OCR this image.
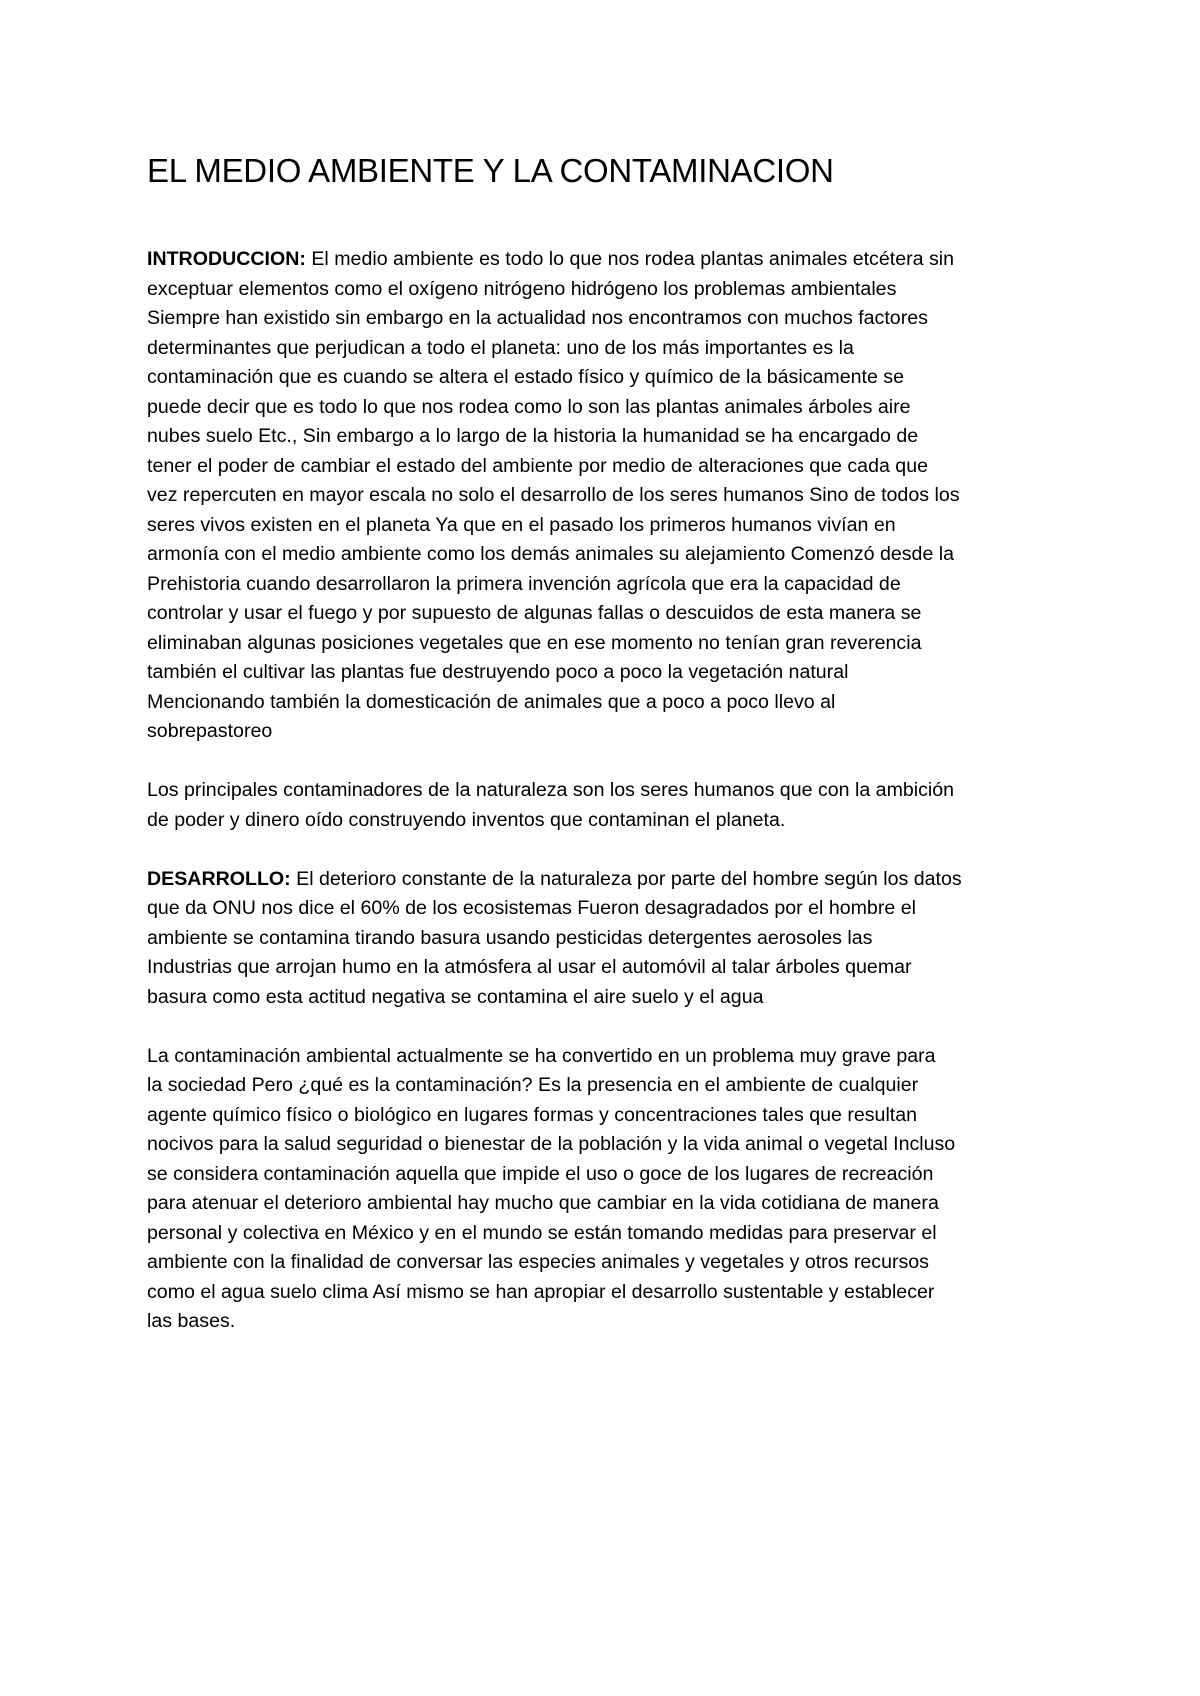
EL MEDIO AMBIENTE Y LA CONTAMINACION
INTRODUCCION: El medio ambiente es todo lo que nos rodea plantas animales etcétera sin
exceptuar elementos como el oxígeno nitrógeno hidrógeno los problemas ambientales
Siempre han existido sin embargo en la actualidad nos encontramos con muchos factores
determinantes que perjudican a todo el planeta: uno de los más importantes es la
contaminación que es cuando se altera el estado físico y químico de la básicamente se
puede decir que es todo lo que nos rodea como lo son las plantas animales árboles aire
nubes suelo Etc., Sin embargo a lo largo de la historia la humanidad se ha encargado de
tener el poder de cambiar el estado del ambiente por medio de alteraciones que cada que
vez repercuten en mayor escala no solo el desarrollo de los seres humanos Sino de todos los
seres vivos existen en el planeta Ya que en el pasado los primeros humanos vivían en
armonía con el medio ambiente como los demás animales su alejamiento Comenzó desde la
Prehistoria cuando desarrollaron la primera invención agrícola que era la capacidad de
controlar y usar el fuego y por supuesto de algunas fallas o descuidos de esta manera se
eliminaban algunas posiciones vegetales que en ese momento no tenían gran reverencia
también el cultivar las plantas fue destruyendo poco a poco la vegetación natural
Mencionando también la domesticación de animales que a poco a poco llevo al
sobrepastoreo
Los principales contaminadores de la naturaleza son los seres humanos que con la ambición
de poder y dinero oído construyendo inventos que contaminan el planeta.
DESARROLLO: El deterioro constante de la naturaleza por parte del hombre según los datos
que da ONU nos dice el 60% de los ecosistemas Fueron desagradados por el hombre el
ambiente se contamina tirando basura usando pesticidas detergentes aerosoles las
Industrias que arrojan humo en la atmósfera al usar el automóvil al talar árboles quemar
basura como esta actitud negativa se contamina el aire suelo y el agua
La contaminación ambiental actualmente se ha convertido en un problema muy grave para
la sociedad Pero ¿qué es la contaminación? Es la presencia en el ambiente de cualquier
agente químico físico o biológico en lugares formas y concentraciones tales que resultan
nocivos para la salud seguridad o bienestar de la población y la vida animal o vegetal Incluso
se considera contaminación aquella que impide el uso o goce de los lugares de recreación
para atenuar el deterioro ambiental hay mucho que cambiar en la vida cotidiana de manera
personal y colectiva en México y en el mundo se están tomando medidas para preservar el
ambiente con la finalidad de conversar las especies animales y vegetales y otros recursos
como el agua suelo clima Así mismo se han apropiar el desarrollo sustentable y establecer
las bases.
